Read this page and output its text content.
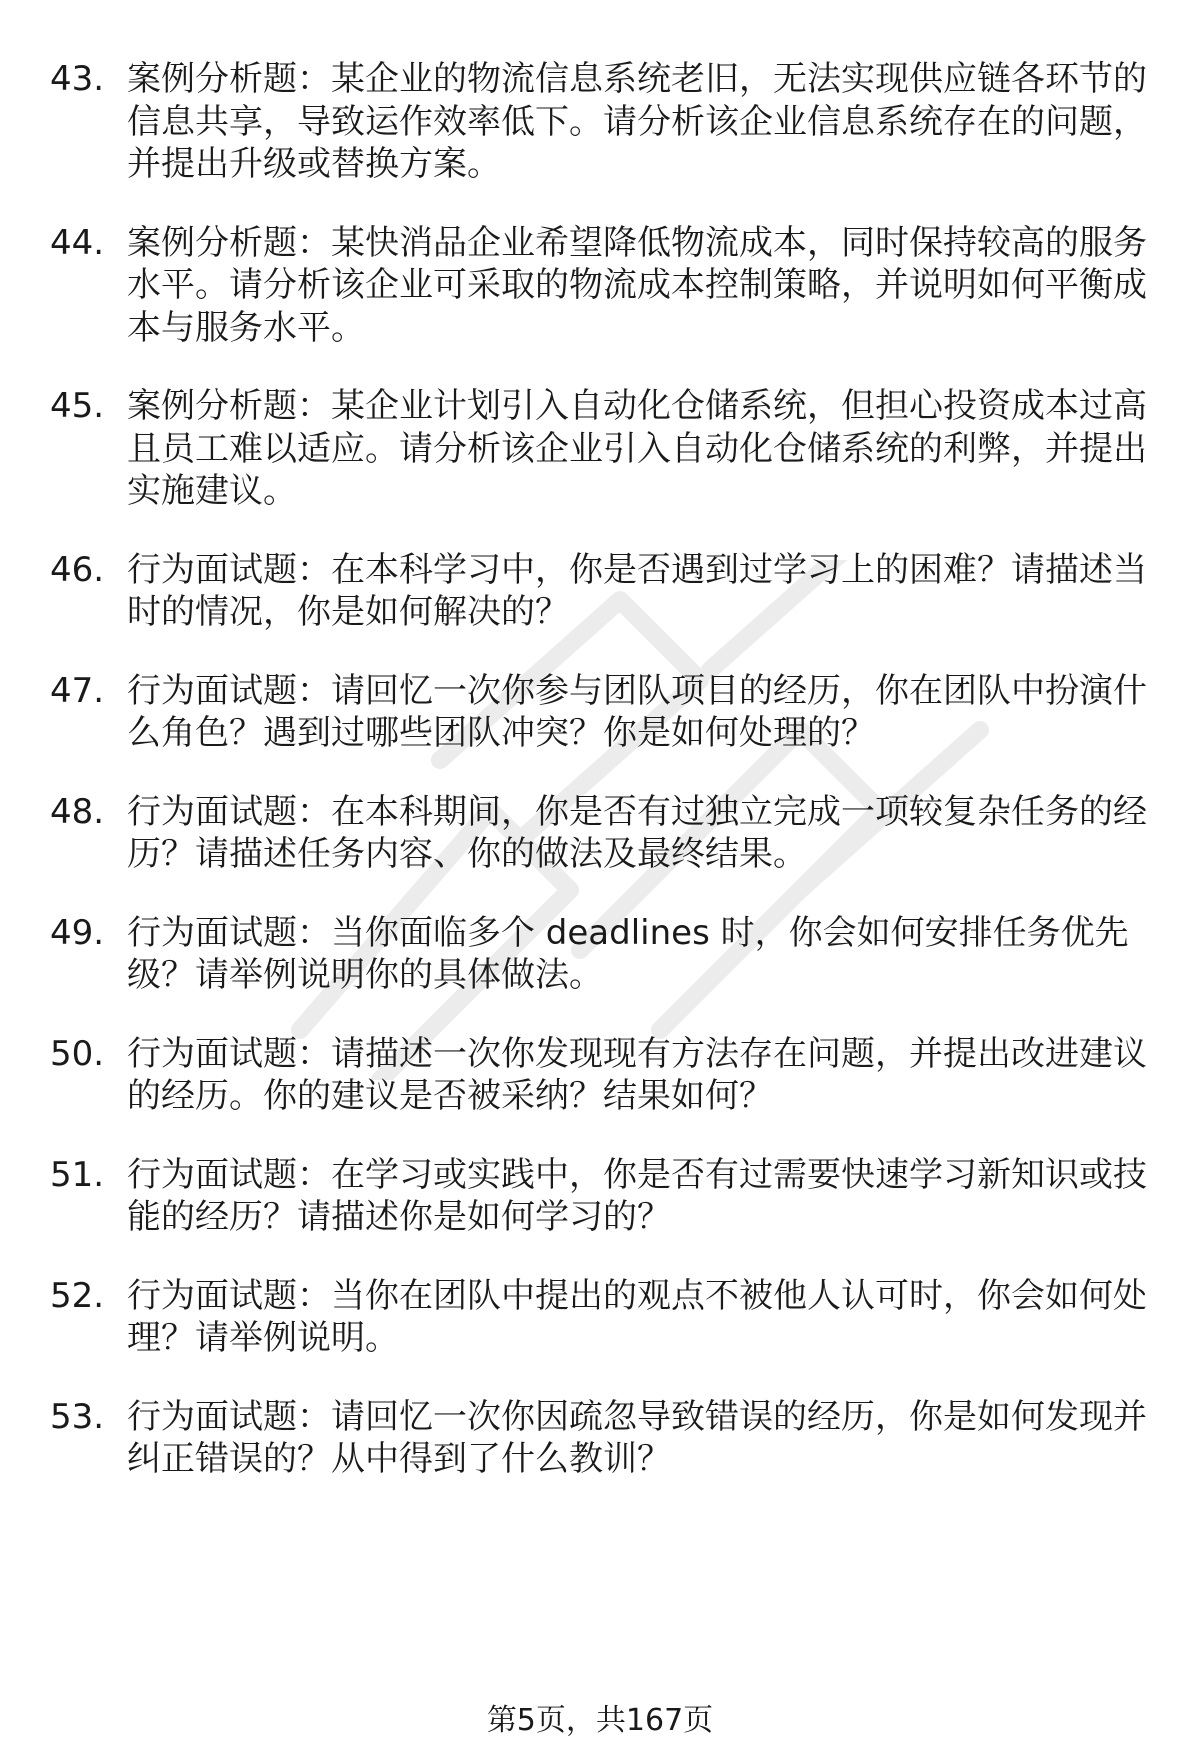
43. 案例分析题：某企业的物流信息系统老旧，无法实现供应链各环节的信息共享，导致运作效率低下。请分析该企业信息系统存在的问题，并提出升级或替换方案。
44. 案例分析题：某快消品企业希望降低物流成本，同时保持较高的服务水平。请分析该企业可采取的物流成本控制策略，并说明如何平衡成本与服务水平。
45. 案例分析题：某企业计划引入自动化仓储系统，但担心投资成本过高且员工难以适应。请分析该企业引入自动化仓储系统的利弊，并提出实施建议。
46. 行为面试题：在本科学习中，你是否遇到过学习上的困难？请描述当时的情况，你是如何解决的？
47. 行为面试题：请回忆一次你参与团队项目的经历，你在团队中扮演什么角色？遇到过哪些团队冲突？你是如何处理的？
48. 行为面试题：在本科期间，你是否有过独立完成一项较复杂任务的经历？请描述任务内容、你的做法及最终结果。
49. 行为面试题：当你面临多个 deadlines 时，你会如何安排任务优先级？请举例说明你的具体做法。
50. 行为面试题：请描述一次你发现现有方法存在问题，并提出改进建议的经历。你的建议是否被采纳？结果如何？
51. 行为面试题：在学习或实践中，你是否有过需要快速学习新知识或技能的经历？请描述你是如何学习的？
52. 行为面试题：当你在团队中提出的观点不被他人认可时，你会如何处理？请举例说明。
53. 行为面试题：请回忆一次你因疏忽导致错误的经历，你是如何发现并纠正错误的？从中得到了什么教训？
第5页，共167页
